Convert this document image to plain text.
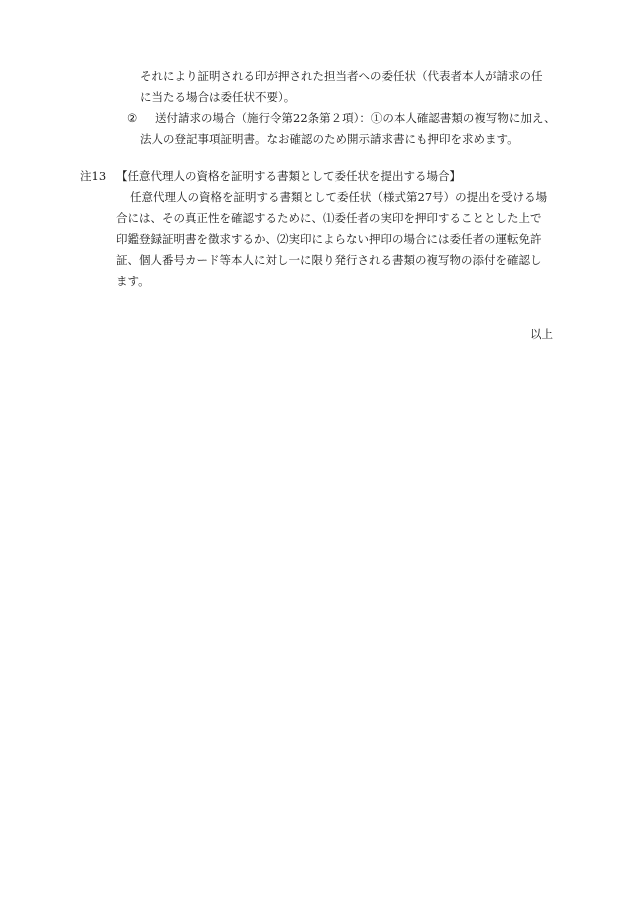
それにより証明される印が押された担当者への委任状（代表者本人が請求の任
に当たる場合は委任状不要）。
② 送付請求の場合（施行令第22条第２項）：①の本人確認書類の複写物に加え、
法人の登記事項証明書。なお確認のため開示請求書にも押印を求めます。
注13 【任意代理人の資格を証明する書類として委任状を提出する場合】
任意代理人の資格を証明する書類として委任状（様式第27号）の提出を受ける場
合には、その真正性を確認するために、⑴委任者の実印を押印することとした上で
印鑑登録証明書を徴求するか、⑵実印によらない押印の場合には委任者の運転免許
証、個人番号カード等本人に対し一に限り発行される書類の複写物の添付を確認し
ます。
以上
